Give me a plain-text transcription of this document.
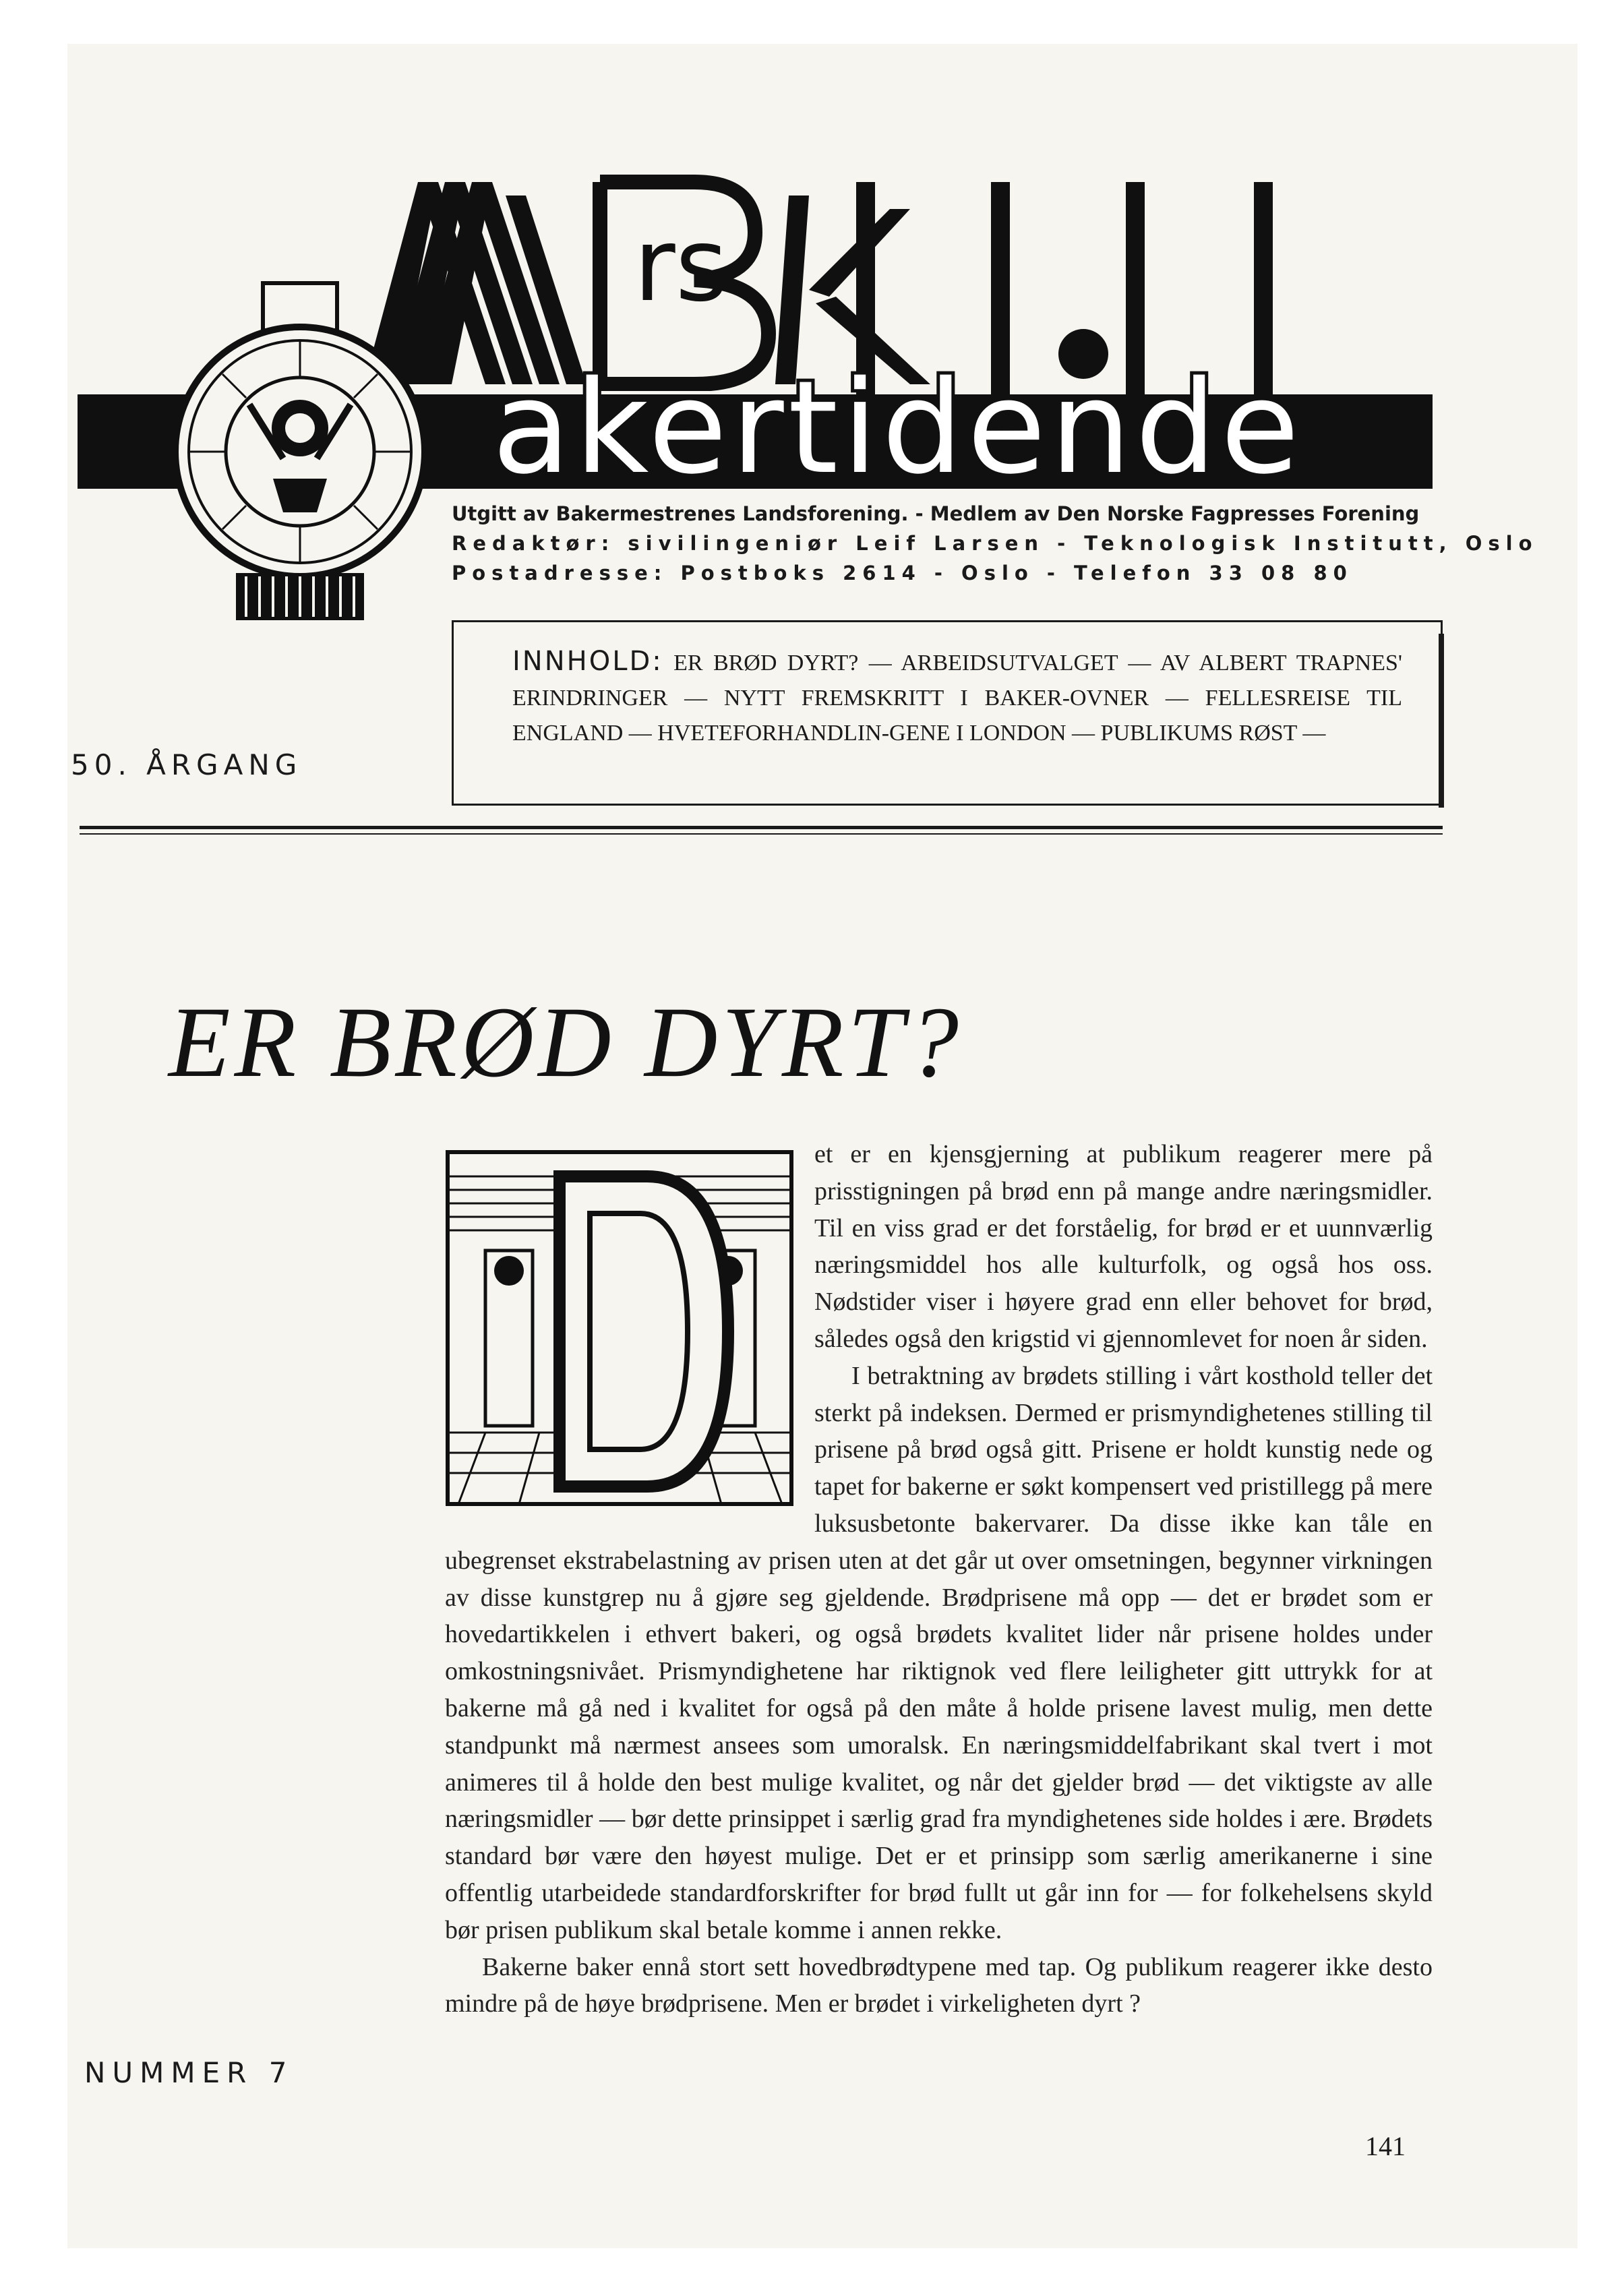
rs
akertidende
Utgitt av Bakermestrenes Landsforening. - Medlem av Den Norske Fagpresses Forening
Redaktør: sivilingeniør Leif Larsen - Teknologisk Institutt, Oslo
Postadresse: Postboks 2614 - Oslo - Telefon 33 08 80
INNHOLD: ER BRØD DYRT? — ARBEIDSUTVALGET — AV ALBERT TRAPNES' ERINDRINGER — NYTT FREMSKRITT I BAKER-OVNER — FELLESREISE TIL ENGLAND — HVETEFORHANDLIN-GENE I LONDON — PUBLIKUMS RØST —
50. ÅRGANG
ER BRØD DYRT?

et er en kjensgjerning at publikum reagerer mere på prisstigningen på brød enn på mange andre næringsmidler. Til en viss grad er det forståelig, for brød er et uunnværlig næringsmiddel hos alle kulturfolk, og også hos oss. Nødstider viser i høyere grad enn eller behovet for brød, således også den krigstid vi gjennomlevet for noen år siden.

I betraktning av brødets stilling i vårt kosthold teller det sterkt på indeksen. Dermed er prismyndighetenes stilling til prisene på brød også gitt. Prisene er holdt kunstig nede og tapet for bakerne er søkt kompensert ved pristillegg på mere luksusbetonte bakervarer. Da disse ikke kan tåle en ubegrenset ekstrabelastning av prisen uten at det går ut over omsetningen, begynner virkningen av disse kunstgrep nu å gjøre seg gjeldende. Brødprisene må opp — det er brødet som er hovedartikkelen i ethvert bakeri, og også brødets kvalitet lider når prisene holdes under omkostningsnivået. Prismyndighetene har riktignok ved flere leiligheter gitt uttrykk for at bakerne må gå ned i kvalitet for også på den måte å holde prisene lavest mulig, men dette standpunkt må nærmest ansees som umoralsk. En næringsmiddelfabrikant skal tvert i mot animeres til å holde den best mulige kvalitet, og når det gjelder brød — det viktigste av alle næringsmidler — bør dette prinsippet i særlig grad fra myndighetenes side holdes i ære. Brødets standard bør være den høyest mulige. Det er et prinsipp som særlig amerikanerne i sine offentlig utarbeidede standardforskrifter for brød fullt ut går inn for — for folkehelsens skyld bør prisen publikum skal betale komme i annen rekke.

Bakerne baker ennå stort sett hovedbrødtypene med tap. Og publikum reagerer ikke desto mindre på de høye brødprisene. Men er brødet i virkeligheten dyrt ?

NUMMER 7
141
